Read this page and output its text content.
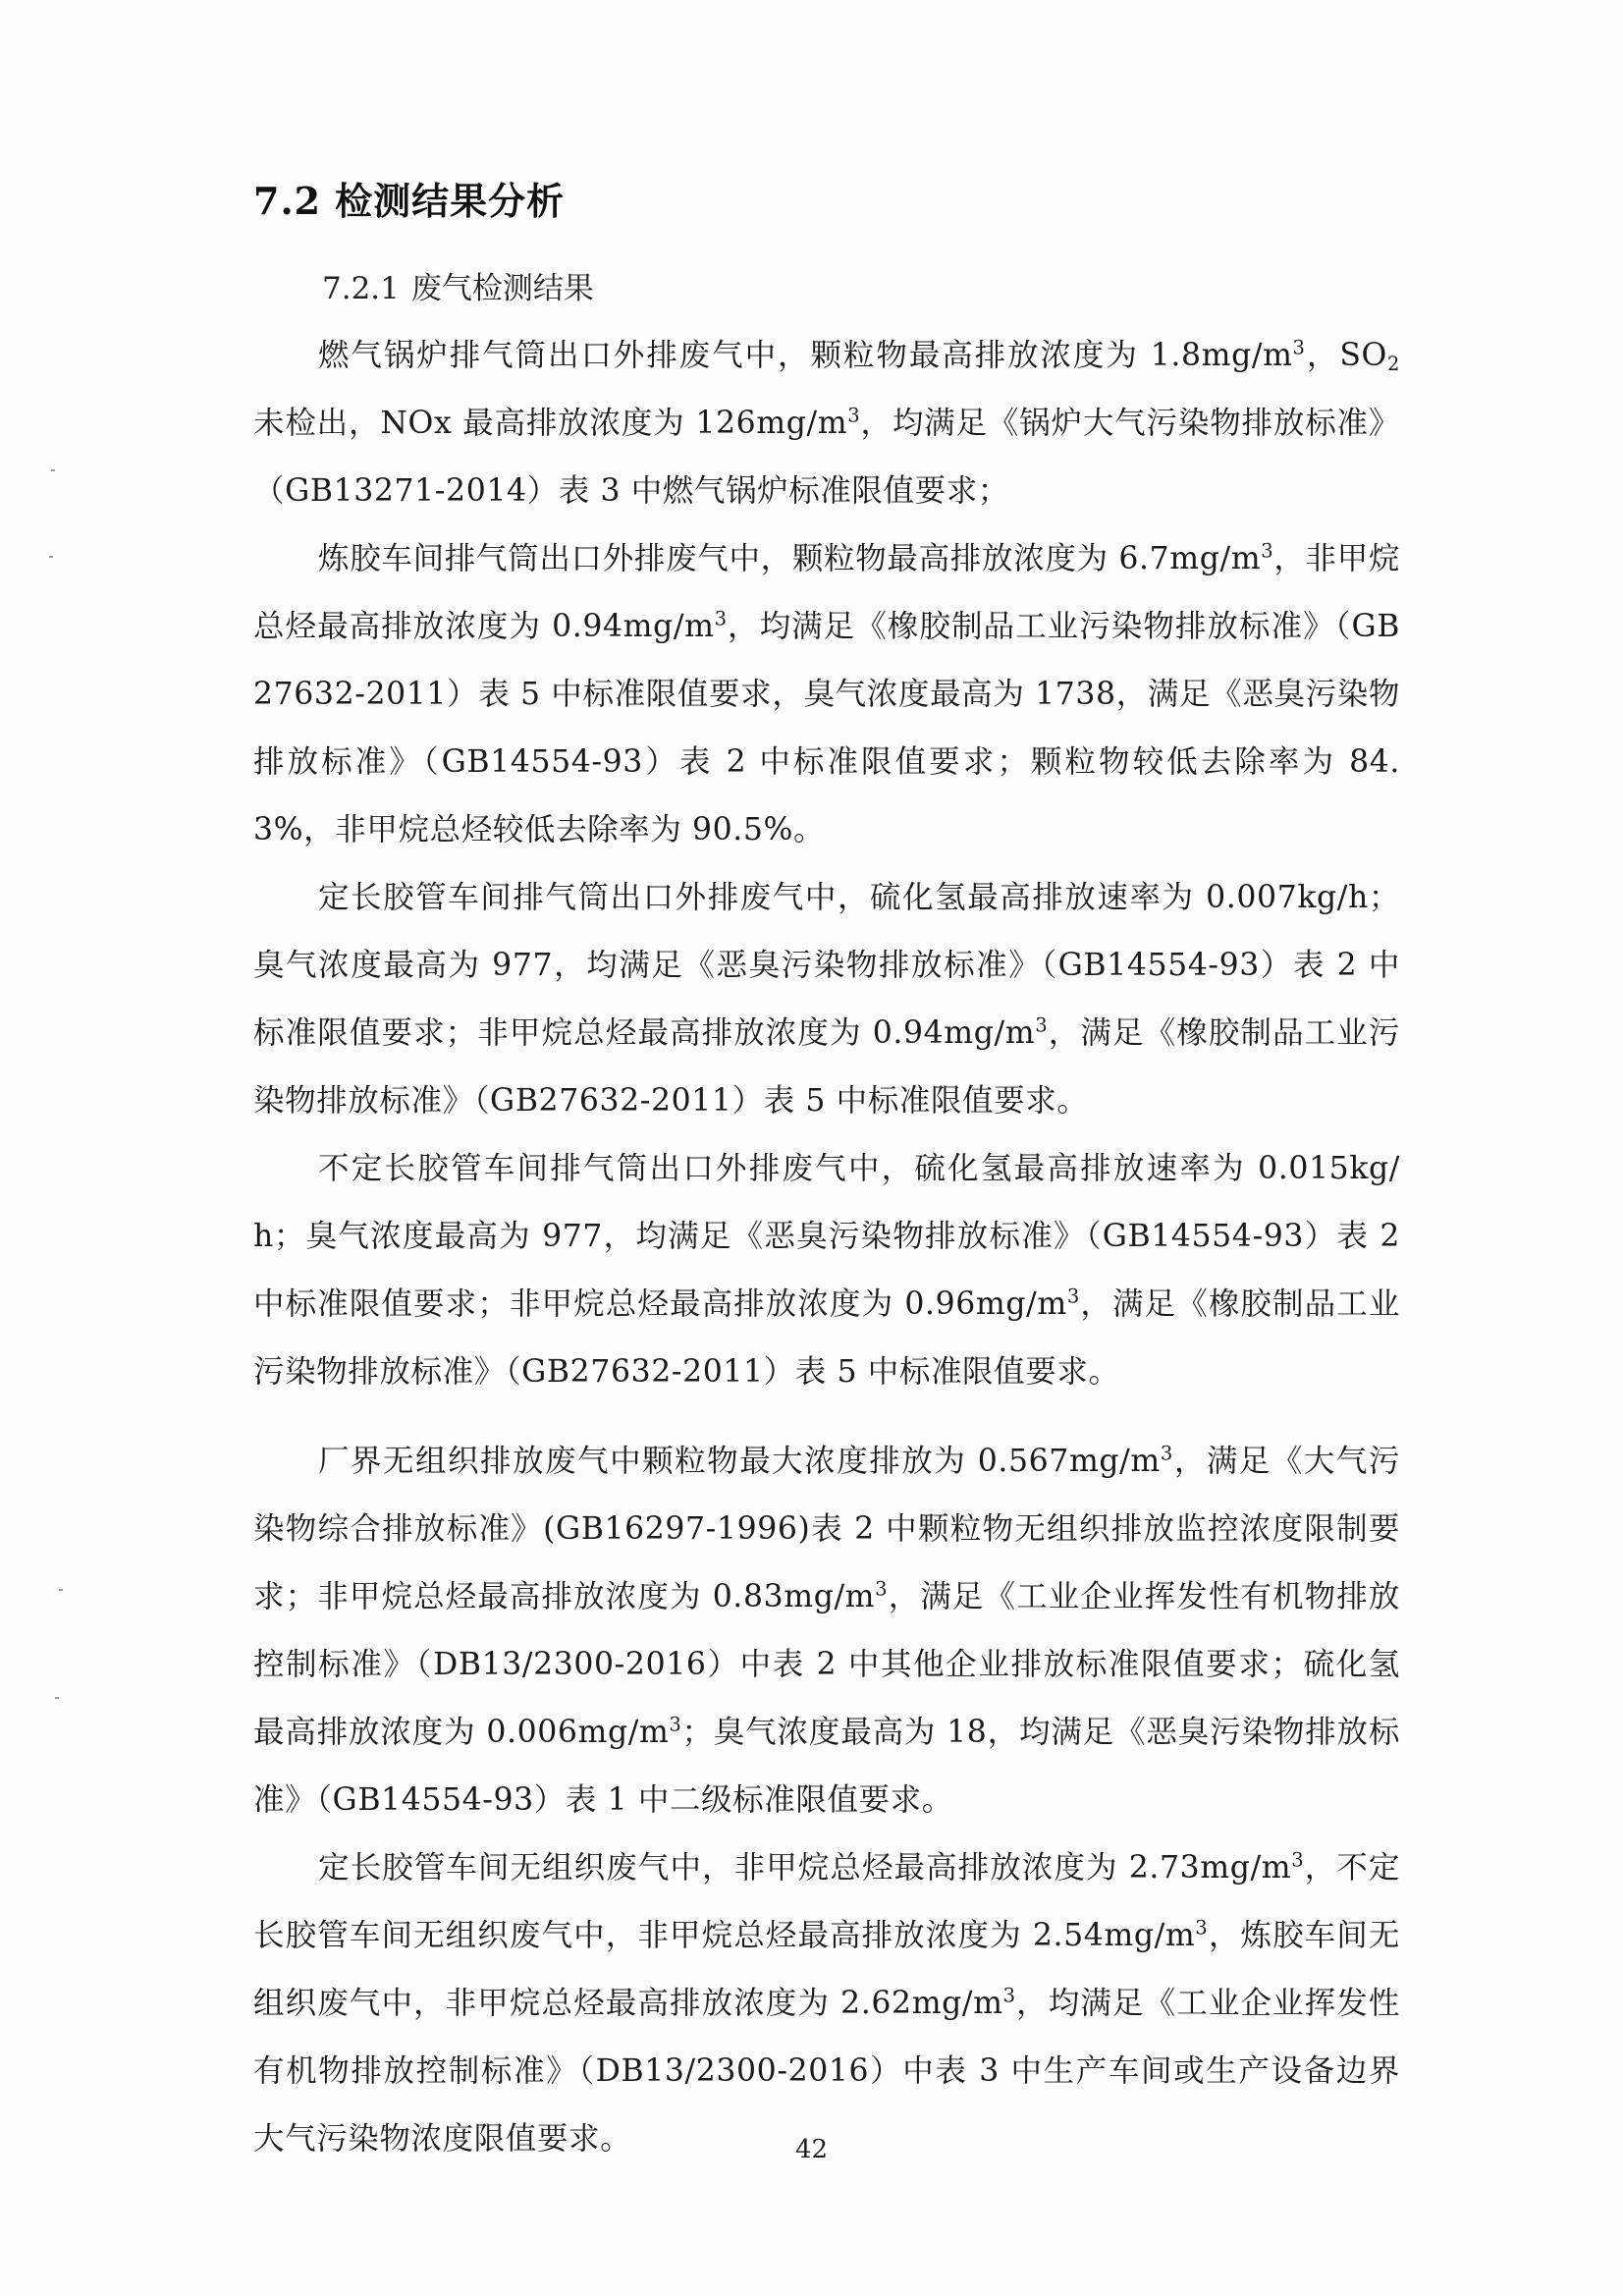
7.2 检测结果分析
7.2.1 废气检测结果

燃气锅炉排气筒出口外排废气中，颗粒物最高排放浓度为 $1.8mg/m^3$，$SO_2$ 未检出，NOx 最高排放浓度为 $126mg/m^3$，均满足《锅炉大气污染物排放标准》（GB13271-2014）表 3 中燃气锅炉标准限值要求；

炼胶车间排气筒出口外排废气中，颗粒物最高排放浓度为 $6.7mg/m^3$，非甲烷总烃最高排放浓度为 $0.94mg/m^3$，均满足《橡胶制品工业污染物排放标准》（GB27632-2011）表 5 中标准限值要求，臭气浓度最高为 1738，满足《恶臭污染物排放标准》（GB14554-93）表 2 中标准限值要求；颗粒物较低去除率为 84.3%，非甲烷总烃较低去除率为 90.5%。

定长胶管车间排气筒出口外排废气中，硫化氢最高排放速率为 0.007kg/h；臭气浓度最高为 977，均满足《恶臭污染物排放标准》（GB14554-93）表 2 中标准限值要求；非甲烷总烃最高排放浓度为 $0.94mg/m^3$，满足《橡胶制品工业污染物排放标准》（GB27632-2011）表 5 中标准限值要求。

不定长胶管车间排气筒出口外排废气中，硫化氢最高排放速率为 0.015kg/h；臭气浓度最高为 977，均满足《恶臭污染物排放标准》（GB14554-93）表 2 中标准限值要求；非甲烷总烃最高排放浓度为 $0.96mg/m^3$，满足《橡胶制品工业污染物排放标准》（GB27632-2011）表 5 中标准限值要求。

厂界无组织排放废气中颗粒物最大浓度排放为 $0.567mg/m^3$，满足《大气污染物综合排放标准》(GB16297-1996)表 2 中颗粒物无组织排放监控浓度限制要求；非甲烷总烃最高排放浓度为 $0.83mg/m^3$，满足《工业企业挥发性有机物排放控制标准》（DB13/2300-2016）中表 2 中其他企业排放标准限值要求；硫化氢最高排放浓度为 $0.006mg/m^3$；臭气浓度最高为 18，均满足《恶臭污染物排放标准》（GB14554-93）表 1 中二级标准限值要求。

定长胶管车间无组织废气中，非甲烷总烃最高排放浓度为 $2.73mg/m^3$，不定长胶管车间无组织废气中，非甲烷总烃最高排放浓度为 $2.54mg/m^3$，炼胶车间无组织废气中，非甲烷总烃最高排放浓度为 $2.62mg/m^3$，均满足《工业企业挥发性有机物排放控制标准》（DB13/2300-2016）中表 3 中生产车间或生产设备边界大气污染物浓度限值要求。	42
